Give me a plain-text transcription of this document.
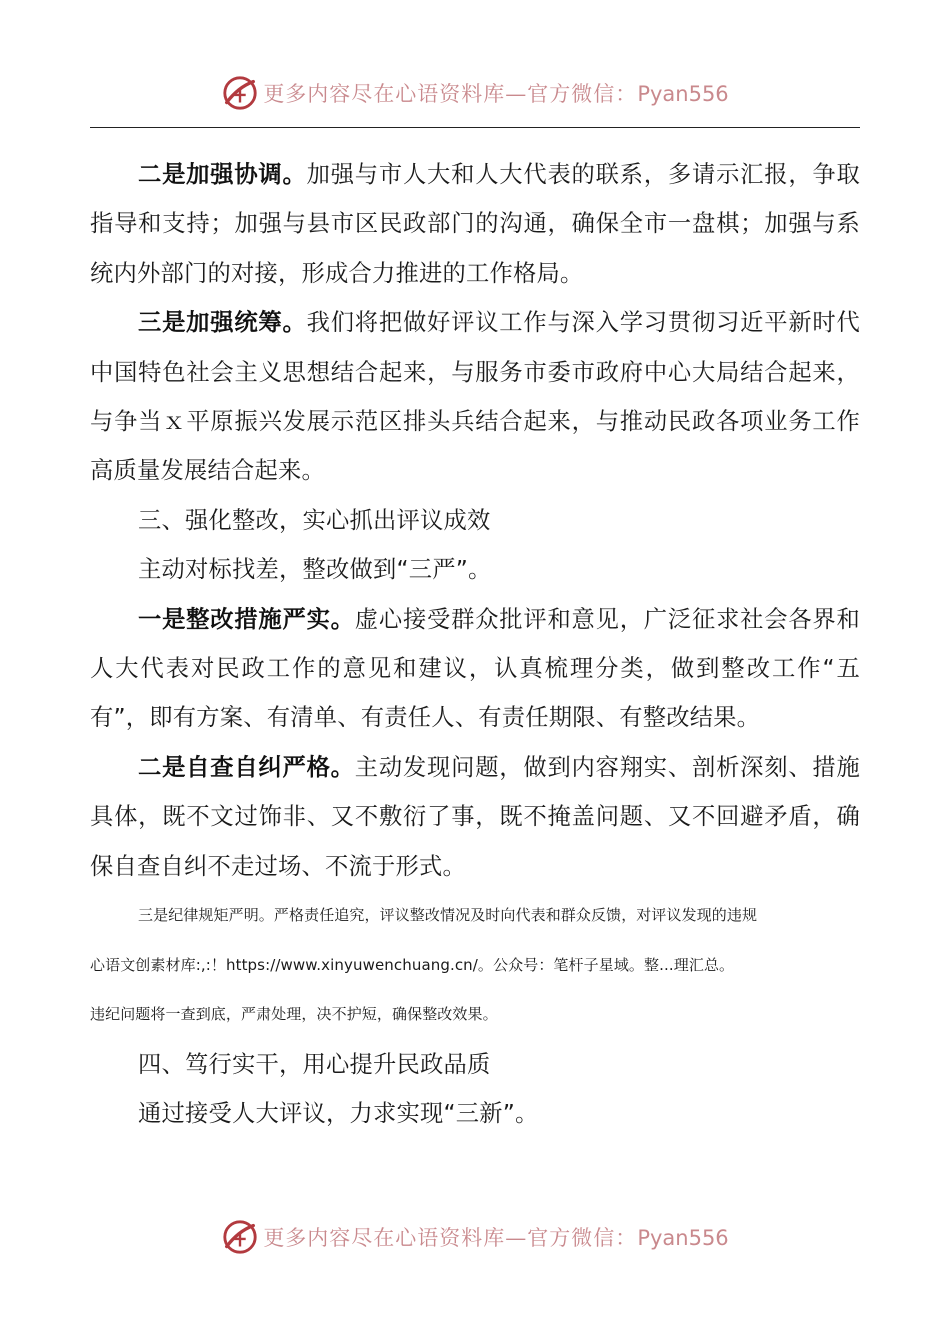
更多内容尽在心语资料库—官方微信：Pyan556

二是加强协调。加强与市人大和人大代表的联系，多请示汇报，争取指导和支持；加强与县市区民政部门的沟通，确保全市一盘棋；加强与系统内外部门的对接，形成合力推进的工作格局。

三是加强统筹。我们将把做好评议工作与深入学习贯彻习近平新时代中国特色社会主义思想结合起来，与服务市委市政府中心大局结合起来，与争当ｘ平原振兴发展示范区排头兵结合起来，与推动民政各项业务工作高质量发展结合起来。

三、强化整改，实心抓出评议成效

主动对标找差，整改做到“三严”。

一是整改措施严实。虚心接受群众批评和意见，广泛征求社会各界和人大代表对民政工作的意见和建议，认真梳理分类，做到整改工作“五有”，即有方案、有清单、有责任人、有责任期限、有整改结果。

二是自查自纠严格。主动发现问题，做到内容翔实、剖析深刻、措施具体，既不文过饰非、又不敷衍了事，既不掩盖问题、又不回避矛盾，确保自查自纠不走过场、不流于形式。

三是纪律规矩严明。严格责任追究，评议整改情况及时向代表和群众反馈，对评议发现的违规

心语文创素材库:,:！https://www.xinyuwenchuang.cn/。公众号：笔杆子星域。整...理汇总。

违纪问题将一查到底，严肃处理，决不护短，确保整改效果。

四、笃行实干，用心提升民政品质

通过接受人大评议，力求实现“三新”。

更多内容尽在心语资料库—官方微信：Pyan556
